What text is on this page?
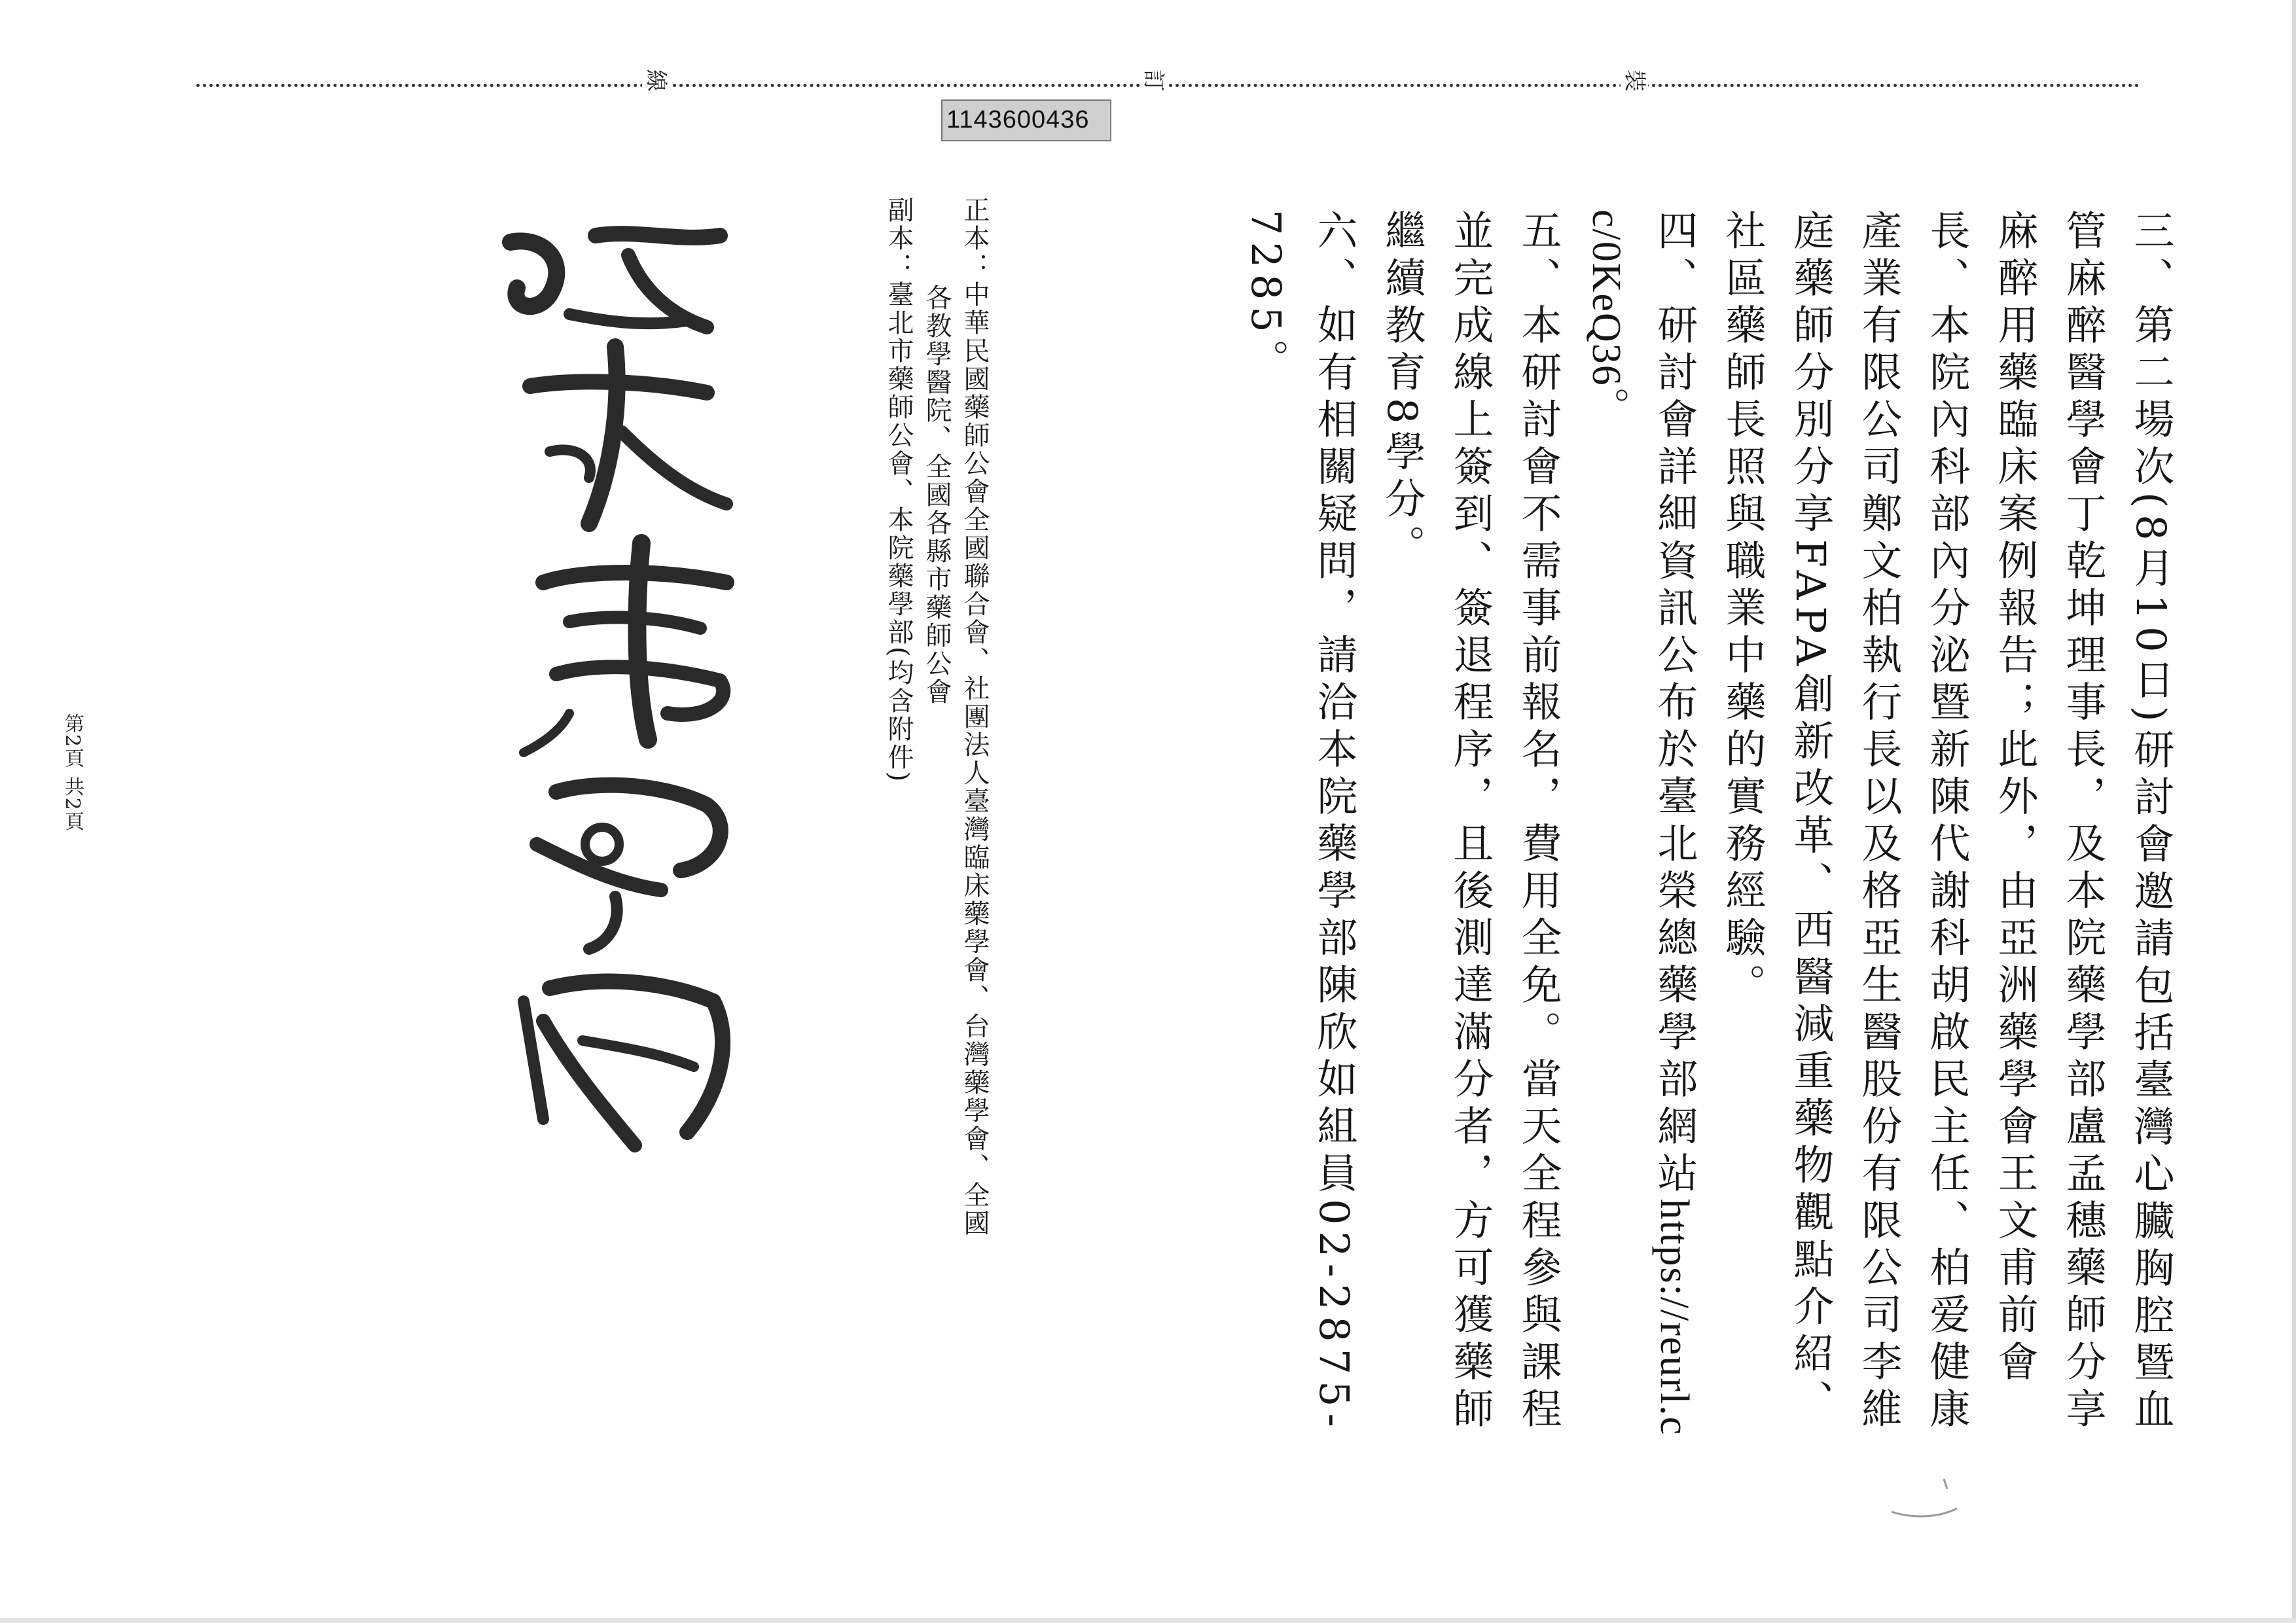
裝
訂
線
1143600436

三、第二場次(8月10日)研討會邀請包括臺灣心臟胸腔暨血管麻醉醫學會丁乾坤理事長，及本院藥學部盧孟穗藥師分享麻醉用藥臨床案例報告；此外，由亞洲藥學會王文甫前會長、本院內科部內分泌暨新陳代謝科胡啟民主任、柏爱健康產業有限公司鄭文柏執行長以及格亞生醫股份有限公司李維庭藥師分別分享FAPA創新改革、西醫減重藥物觀點介紹、社區藥師長照與職業中藥的實務經驗。

四、研討會詳細資訊公布於臺北榮總藥學部網站https://reurl.cc/0KeQ36。

五、本研討會不需事前報名，費用全免。當天全程參與課程並完成線上簽到、簽退程序，且後測達滿分者，方可獲藥師繼續教育8學分。

六、如有相關疑問，請洽本院藥學部陳欣如組員02-2875-7285。

正本：中華民國藥師公會全國聯合會、社團法人臺灣臨床藥學會、台灣藥學會、全國

各教學醫院、全國各縣市藥師公會

副本：臺北市藥師公會、本院藥學部(均含附件)

第2頁 共2頁
